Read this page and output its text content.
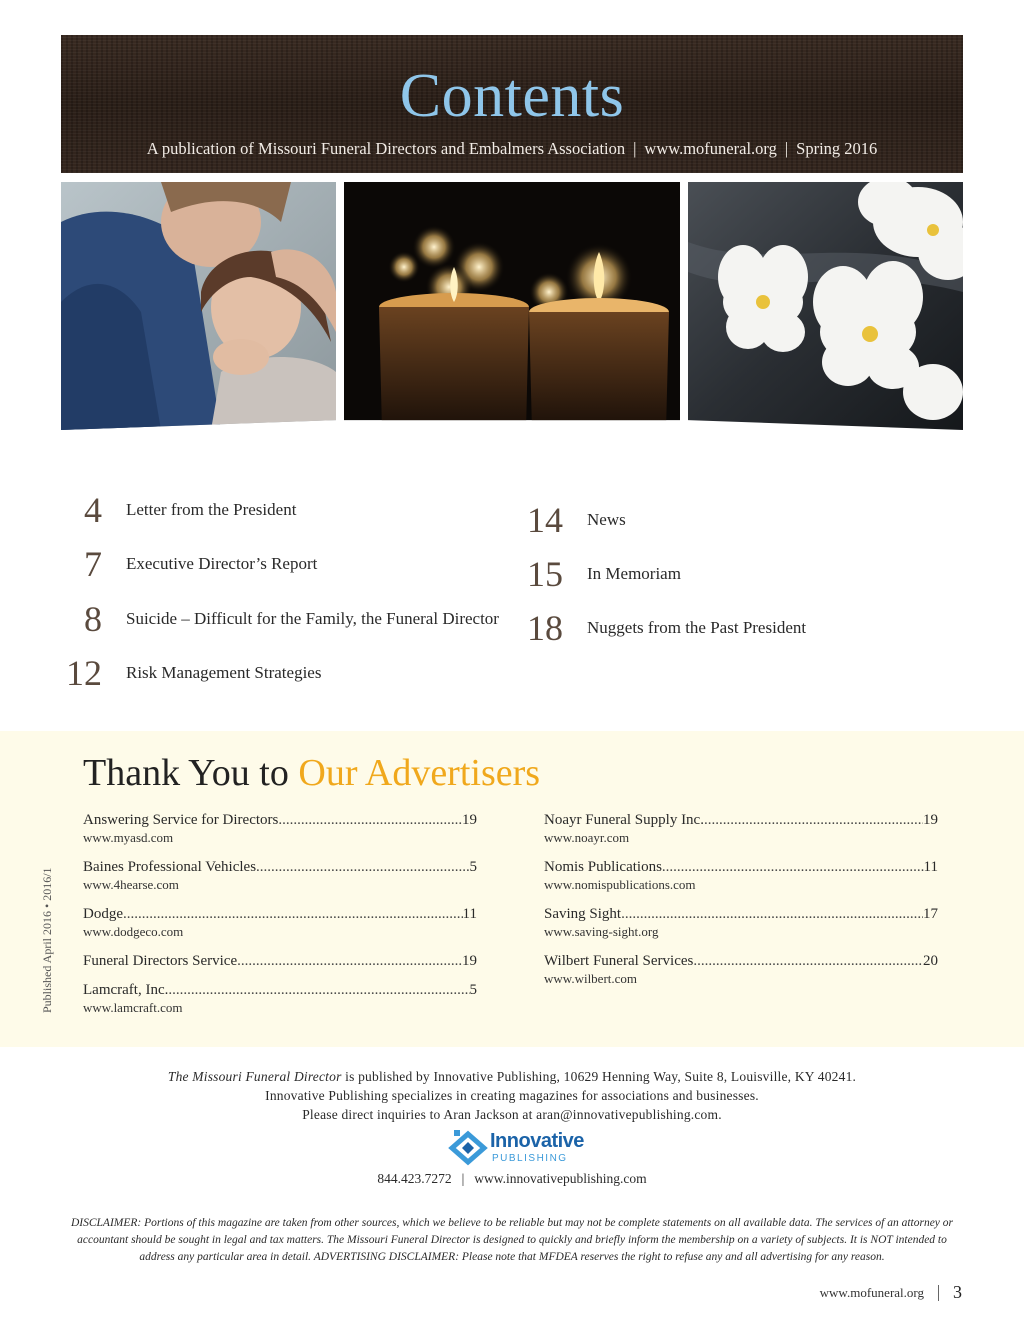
Contents
A publication of Missouri Funeral Directors and Embalmers Association | www.mofuneral.org | Spring 2016
4 Letter from the President
7 Executive Director’s Report
8 Suicide – Difficult for the Family, the Funeral Director
12 Risk Management Strategies
14 News
15 In Memoriam
18 Nuggets from the Past President
Thank You to Our Advertisers
Answering Service for Directors .....	19
www.myasd.com
Baines Professional Vehicles .....	5
www.4hearse.com
Dodge .....	11
www.dodgeco.com
Funeral Directors Service .....	19
Lamcraft, Inc. .....	5
www.lamcraft.com
Noayr Funeral Supply Inc. .....	19
www.noayr.com
Nomis Publications .....	11
www.nomispublications.com
Saving Sight .....	17
www.saving-sight.org
Wilbert Funeral Services .....	20
www.wilbert.com
Published April 2016 • 2016/1
The Missouri Funeral Director is published by Innovative Publishing, 10629 Henning Way, Suite 8, Louisville, KY 40241.
Innovative Publishing specializes in creating magazines for associations and businesses.
Please direct inquiries to Aran Jackson at aran@innovativepublishing.com.
Innovative
PUBLISHING
844.423.7272 | www.innovativepublishing.com
DISCLAIMER: Portions of this magazine are taken from other sources, which we believe to be reliable but may not be complete statements on all available data. The services of an attorney or accountant should be sought in legal and tax matters. The Missouri Funeral Director is designed to quickly and briefly inform the membership on a variety of subjects. It is NOT intended to address any particular area in detail. ADVERTISING DISCLAIMER: Please note that MFDEA reserves the right to refuse any and all advertising for any reason.
www.mofuneral.org 3
